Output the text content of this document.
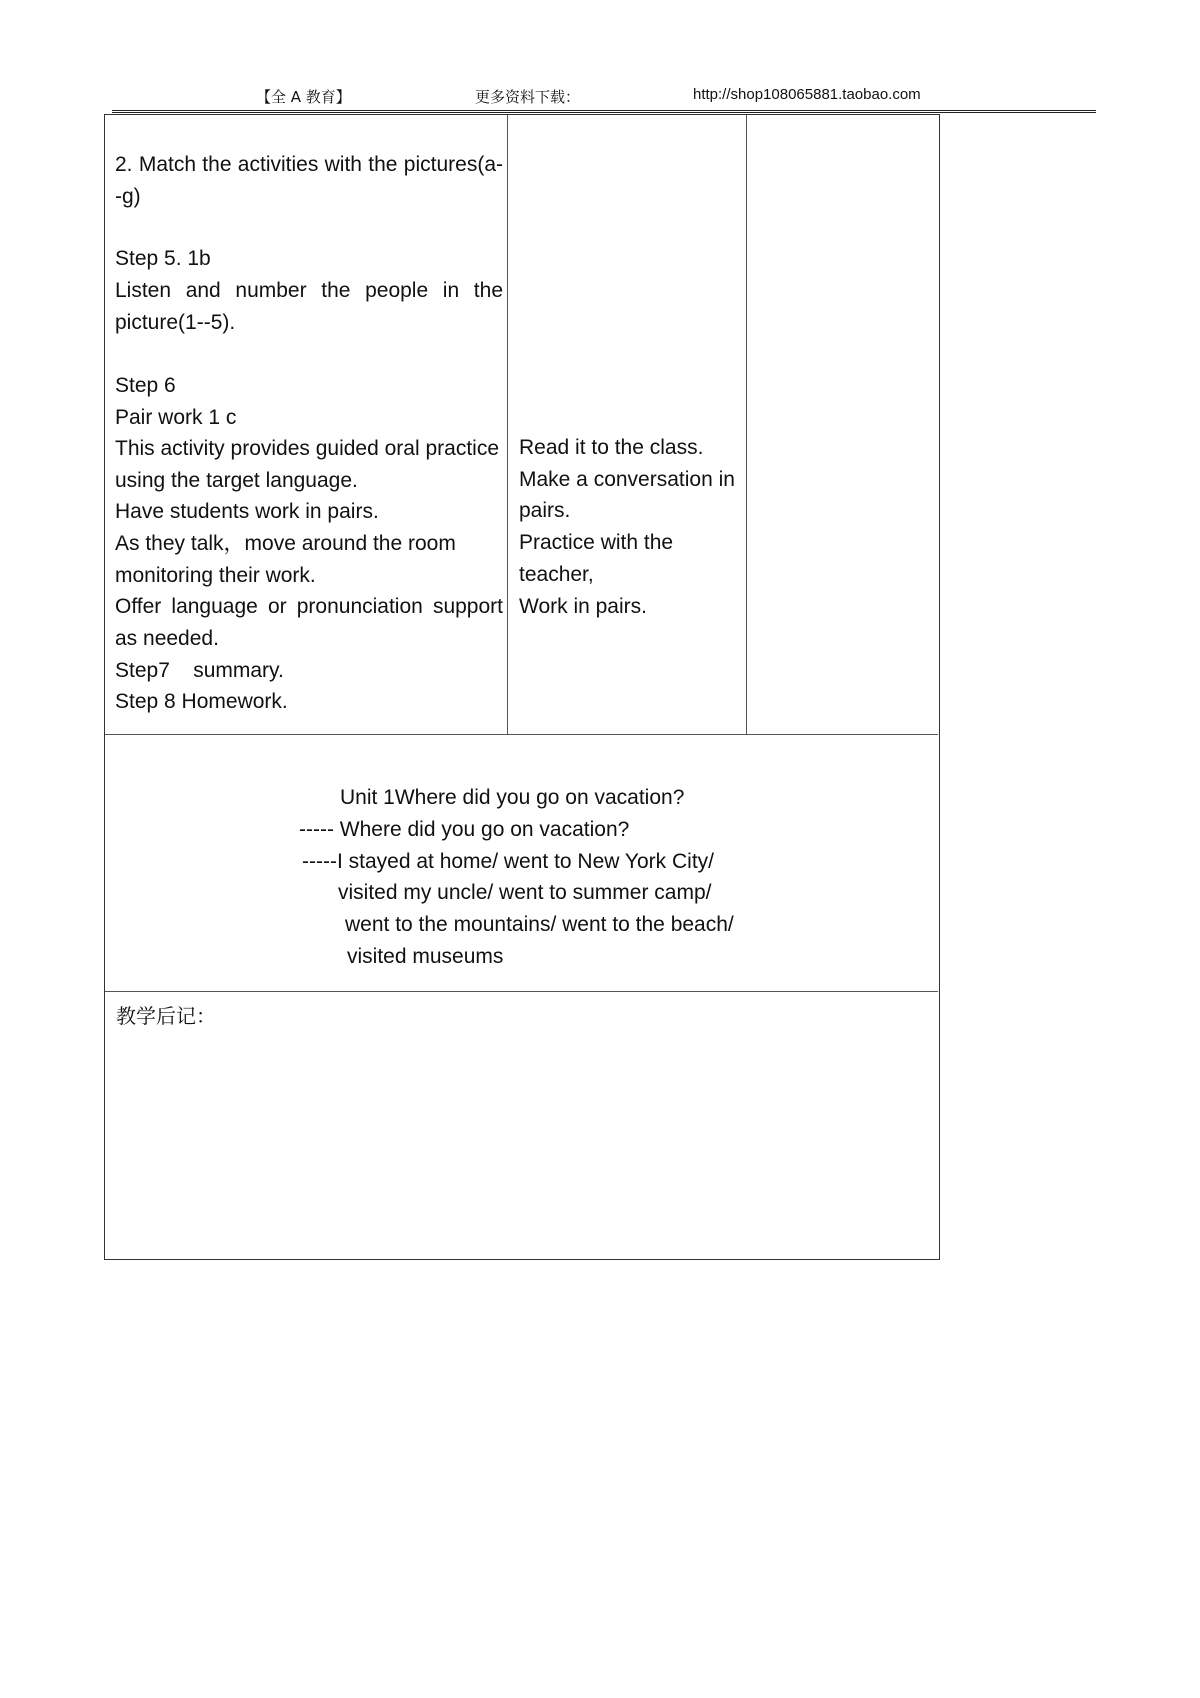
【全 A 教育】	更多资料下载：	http://shop108065881.taobao.com

2. Match the activities with the pictures(a--g)

Step 5. 1b

Listen and number the people in the picture(1--5).

Step 6

Pair work 1 c

This activity provides guided oral practice using the target language.

Have students work in pairs.

As they talk，move around the room monitoring their work.

Offer language or pronunciation support as needed.

Step7    summary.

Step 8 Homework.

Read it to the class.
Make a conversation in pairs.
Practice with the teacher,
Work in pairs.
Unit 1Where did you go on vacation?
----- Where did you go on vacation?
-----I stayed at home/ went to New York City/
visited my uncle/ went to summer camp/
went to the mountains/ went to the beach/
visited museums
教学后记：
